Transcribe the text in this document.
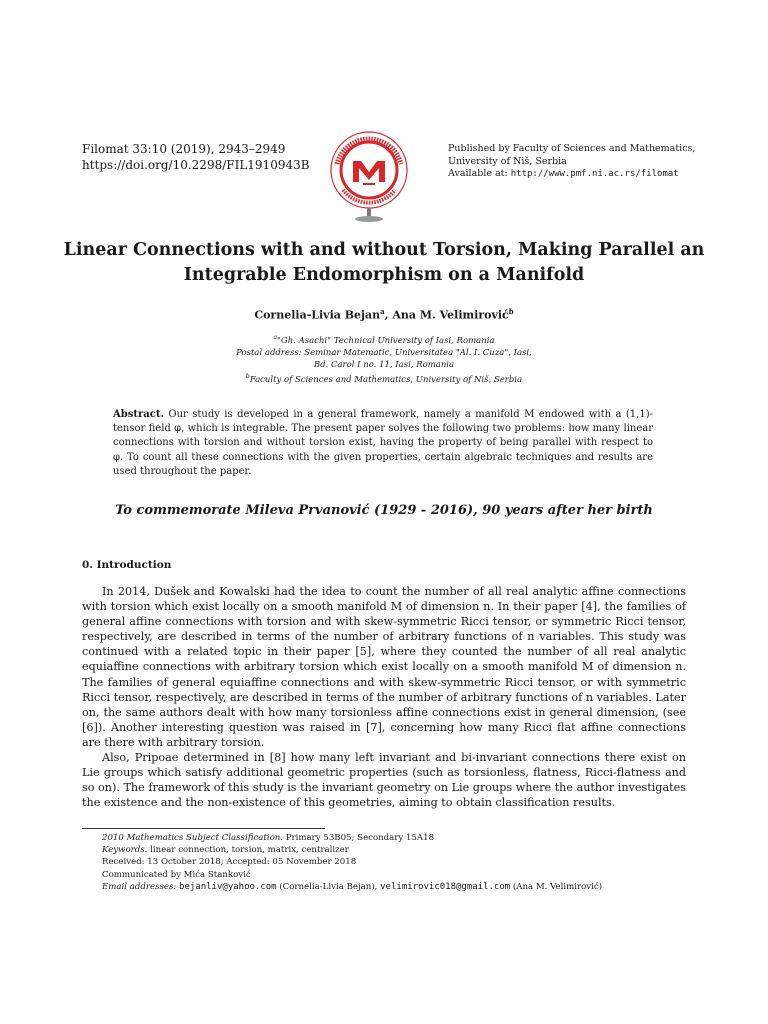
Filomat 33:10 (2019), 2943–2949
https://doi.org/10.2298/FIL1910943B
Published by Faculty of Sciences and Mathematics,
University of Niš, Serbia
Available at: http://www.pmf.ni.ac.rs/filomat
Linear Connections with and without Torsion, Making Parallel an
Integrable Endomorphism on a Manifold
Cornelia-Livia Bejan$^a$, Ana M. Velimirović$^b$
$^a$"Gh. Asachi" Technical University of Iasi, Romania
Postal address: Seminar Matematic, Universitatea "Al. I. Cuza", Iasi,
Bd. Carol I no. 11, Iasi, Romania
$^b$Faculty of Sciences and Mathematics, University of Niš, Serbia
Abstract. Our study is developed in a general framework, namely a manifold M endowed with a (1,1)-tensor field φ, which is integrable. The present paper solves the following two problems: how many linear connections with torsion and without torsion exist, having the property of being parallel with respect to φ. To count all these connections with the given properties, certain algebraic techniques and results are used throughout the paper.
To commemorate Mileva Prvanović (1929 - 2016), 90 years after her birth
0. Introduction

In 2014, Dušek and Kowalski had the idea to count the number of all real analytic affine connections with torsion which exist locally on a smooth manifold M of dimension n. In their paper [4], the families of general affine connections with torsion and with skew-symmetric Ricci tensor, or symmetric Ricci tensor, respectively, are described in terms of the number of arbitrary functions of n variables. This study was continued with a related topic in their paper [5], where they counted the number of all real analytic equiaffine connections with arbitrary torsion which exist locally on a smooth manifold M of dimension n. The families of general equiaffine connections and with skew-symmetric Ricci tensor, or with symmetric Ricci tensor, respectively, are described in terms of the number of arbitrary functions of n variables. Later on, the same authors dealt with how many torsionless affine connections exist in general dimension, (see [6]). Another interesting question was raised in [7], concerning how many Ricci flat affine connections are there with arbitrary torsion.

Also, Pripoae determined in [8] how many left invariant and bi-invariant connections there exist on Lie groups which satisfy additional geometric properties (such as torsionless, flatness, Ricci-flatness and so on). The framework of this study is the invariant geometry on Lie groups where the author investigates the existence and the non-existence of this geometries, aiming to obtain classification results.

2010 Mathematics Subject Classification. Primary 53B05; Secondary 15A18
Keywords. linear connection, torsion, matrix, centralizer
Received: 13 October 2018; Accepted: 05 November 2018
Communicated by Mića Stanković
Email addresses: bejanliv@yahoo.com (Cornelia-Livia Bejan), velimirovic018@gmail.com (Ana M. Velimirović)
